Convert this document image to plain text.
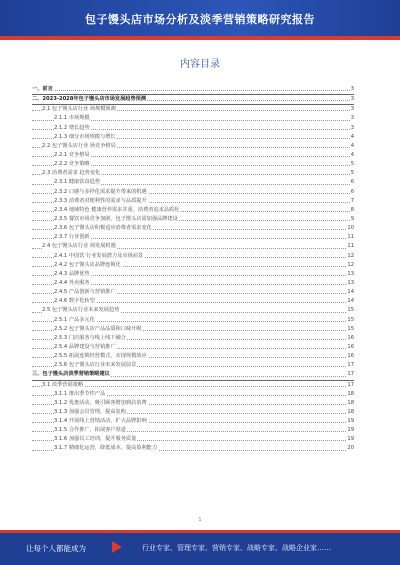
包子馒头店市场分析及淡季营销策略研究报告
内容目录
一、前言	3
二、2023-2028年包子馒头店市场发展趋势预测	3
2.1 包子馒头店行业 场规模预测	3
2.1.1 市场规模	3
2.1.2 增长趋势	3
2.1.3 细分市场规模与增长	4
2.2 包子馒头店行业 场竞争格局	4
2.2.1 竞争格局	4
2.2.2 竞争策略	5
2.3 消费者需求 趋势变化	5
2.3.1 健康饮食趋势	6
2.3.2 口感与多样化需求提升带来的机遇	6
2.3.3 消费者对便利性的需求与品质提升	7
2.3.4 地域特色 健康营养需求并重，消费者追求品质化	8
2.3.5 餐饮市场竞争加剧，包子馒头店需加强品牌建设	9
2.3.6 包子馒头店积极适应消费者需求变化	10
2.3.7 行业创新	11
2.4 包子馒头店行业 场发展机遇	11
2.4.1 中国饮 行业发展潜力及市场前景	12
2.4.2 包子馒头店品牌连锁化	12
2.4.3 品牌优势	13
2.4.4 外卖服务	13
2.4.5 产品创新与营销推广	14
2.4.6 数字化转型	14
2.5 包子馒头店行业未来发展趋势	15
2.5.1 产品多元化	15
2.5.2 包子馒头店产品品质和口味升级	15
2.5.3 门店服务与线上线下融合	16
2.5.4 品牌建设与营销推广	16
2.5.5 拓展连锁经营模式，实现规模效应	16
2.5.6 包子馒头店行业未来发展前景	17
三、包子馒头店淡季营销策略建议	17
3.1 淡季营销策略	17
3.1.1 推出季节性产品	18
3.1.2 优惠活动，吸引顾客增加到店消费	18
3.1.3 加强会员管理，提高复购	18
3.1.4 开展线上营销活动，扩大品牌影响	19
3.1.5 合作推广，拓展客户渠道	19
3.1.6 加强员工培训，提升服务质量	19
3.1.7 精细化运营，降低成本，提高盈利能力	20
1
让每个人都能成为	行业专家、管理专家、营销专家、战略专家、战略企业家……
